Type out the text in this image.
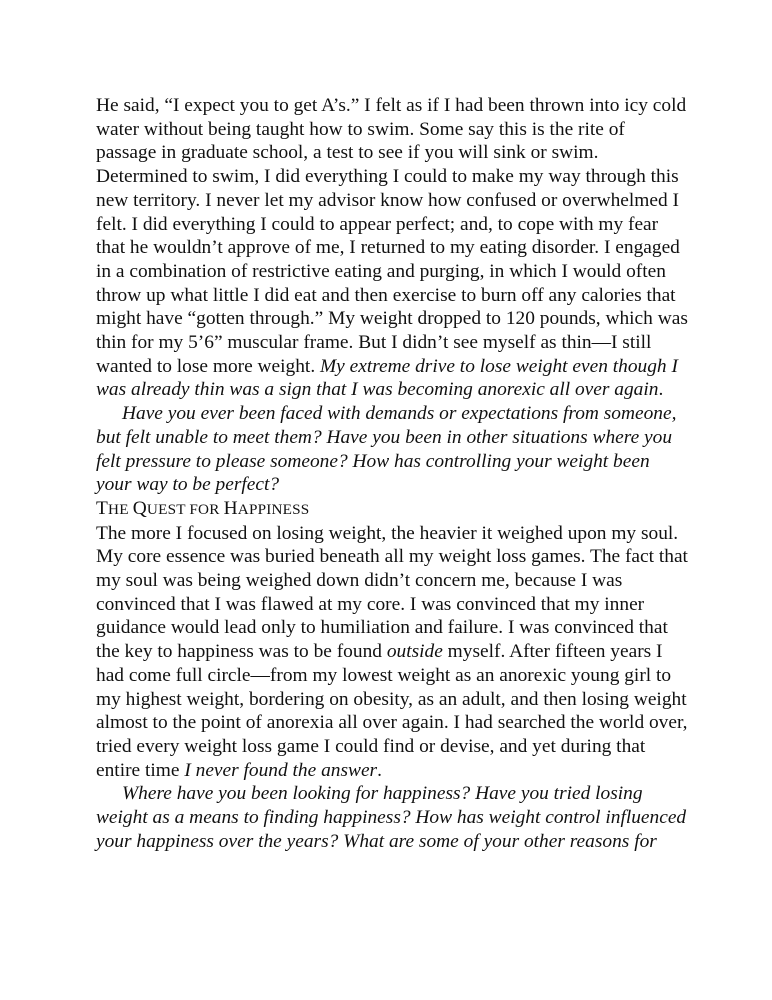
He said, “I expect you to get A’s.” I felt as if I had been thrown into icy cold
water without being taught how to swim. Some say this is the rite of
passage in graduate school, a test to see if you will sink or swim.
Determined to swim, I did everything I could to make my way through this
new territory. I never let my advisor know how confused or overwhelmed I
felt. I did everything I could to appear perfect; and, to cope with my fear
that he wouldn’t approve of me, I returned to my eating disorder. I engaged
in a combination of restrictive eating and purging, in which I would often
throw up what little I did eat and then exercise to burn off any calories that
might have “gotten through.” My weight dropped to 120 pounds, which was
thin for my 5’6” muscular frame. But I didn’t see myself as thin—I still
wanted to lose more weight. My extreme drive to lose weight even though I
was already thin was a sign that I was becoming anorexic all over again.

Have you ever been faced with demands or expectations from someone,
but felt unable to meet them? Have you been in other situations where you
felt pressure to please someone? How has controlling your weight been
your way to be perfect?

THE QUEST FOR HAPPINESS

The more I focused on losing weight, the heavier it weighed upon my soul.
My core essence was buried beneath all my weight loss games. The fact that
my soul was being weighed down didn’t concern me, because I was
convinced that I was flawed at my core. I was convinced that my inner
guidance would lead only to humiliation and failure. I was convinced that
the key to happiness was to be found outside myself. After fifteen years I
had come full circle—from my lowest weight as an anorexic young girl to
my highest weight, bordering on obesity, as an adult, and then losing weight
almost to the point of anorexia all over again. I had searched the world over,
tried every weight loss game I could find or devise, and yet during that
entire time I never found the answer.

Where have you been looking for happiness? Have you tried losing
weight as a means to finding happiness? How has weight control influenced
your happiness over the years? What are some of your other reasons for
